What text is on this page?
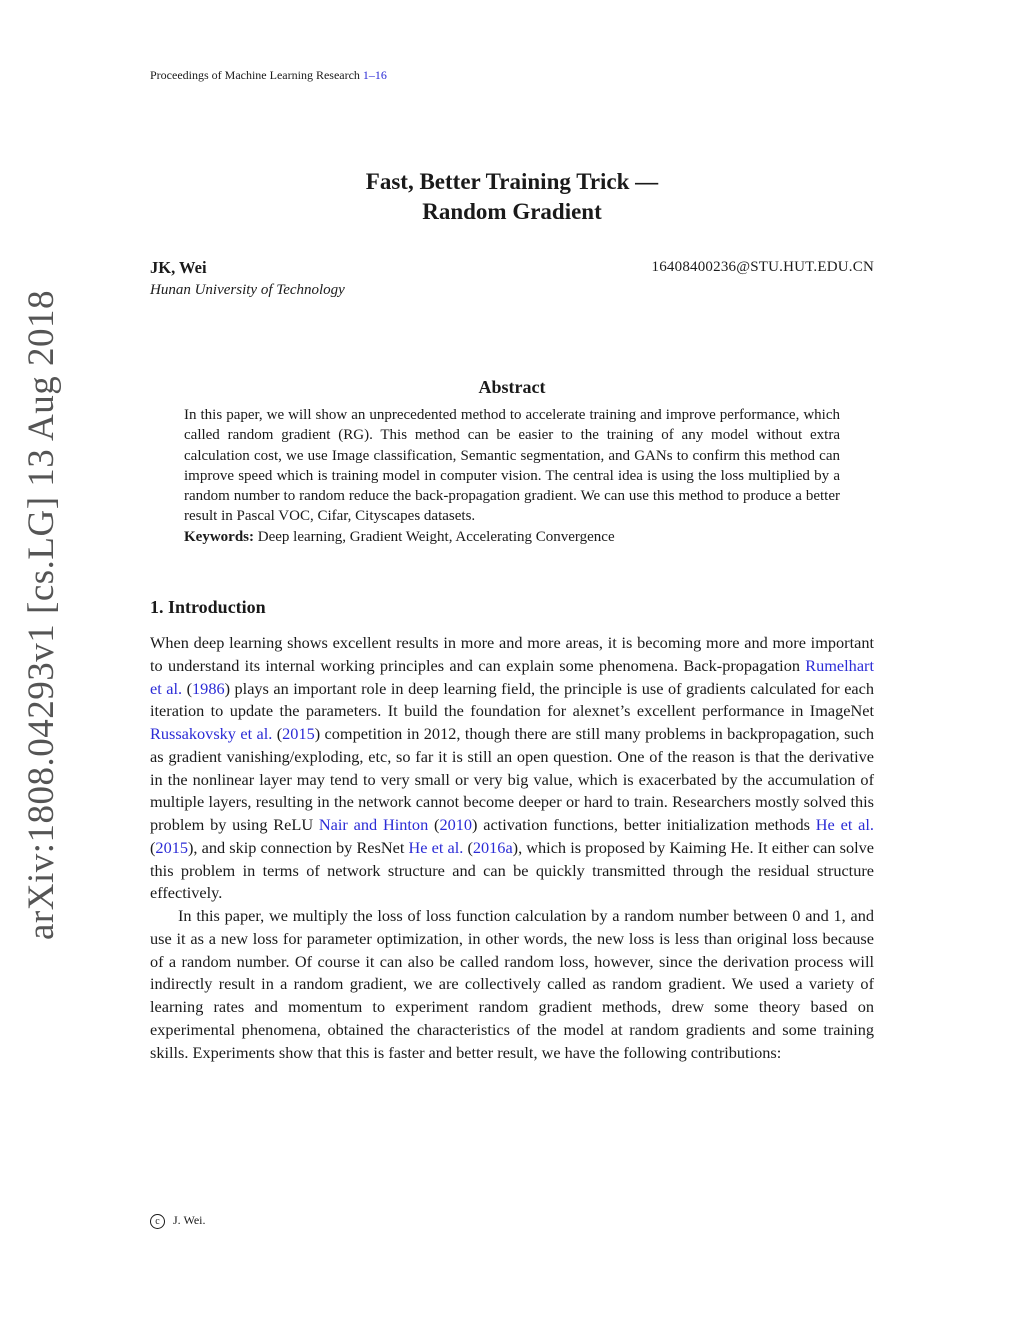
Proceedings of Machine Learning Research 1–16
arXiv:1808.04293v1 [cs.LG] 13 Aug 2018
Fast, Better Training Trick —
Random Gradient
JK, Wei	16408400236@STU.HUT.EDU.CN
Hunan University of Technology
Abstract

In this paper, we will show an unprecedented method to accelerate training and improve performance, which called random gradient (RG). This method can be easier to the training of any model without extra calculation cost, we use Image classification, Semantic segmentation, and GANs to confirm this method can improve speed which is training model in computer vision. The central idea is using the loss multiplied by a random number to random reduce the back-propagation gradient. We can use this method to produce a better result in Pascal VOC, Cifar, Cityscapes datasets.

Keywords: Deep learning, Gradient Weight, Accelerating Convergence

1. Introduction

When deep learning shows excellent results in more and more areas, it is becoming more and more important to understand its internal working principles and can explain some phenomena. Back-propagation Rumelhart et al. (1986) plays an important role in deep learning field, the principle is use of gradients calculated for each iteration to update the parameters. It build the foundation for alexnet’s excellent performance in ImageNet Russakovsky et al. (2015) competition in 2012, though there are still many problems in backpropagation, such as gradient vanishing/exploding, etc, so far it is still an open question. One of the reason is that the derivative in the nonlinear layer may tend to very small or very big value, which is exacerbated by the accumulation of multiple layers, resulting in the network cannot become deeper or hard to train. Researchers mostly solved this problem by using ReLU Nair and Hinton (2010) activation functions, better initialization methods He et al. (2015), and skip connection by ResNet He et al. (2016a), which is proposed by Kaiming He. It either can solve this problem in terms of network structure and can be quickly transmitted through the residual structure effectively.

In this paper, we multiply the loss of loss function calculation by a random number between 0 and 1, and use it as a new loss for parameter optimization, in other words, the new loss is less than original loss because of a random number. Of course it can also be called random loss, however, since the derivation process will indirectly result in a random gradient, we are collectively called as random gradient. We used a variety of learning rates and momentum to experiment random gradient methods, drew some theory based on experimental phenomena, obtained the characteristics of the model at random gradients and some training skills. Experiments show that this is faster and better result, we have the following contributions:

c J. Wei.
